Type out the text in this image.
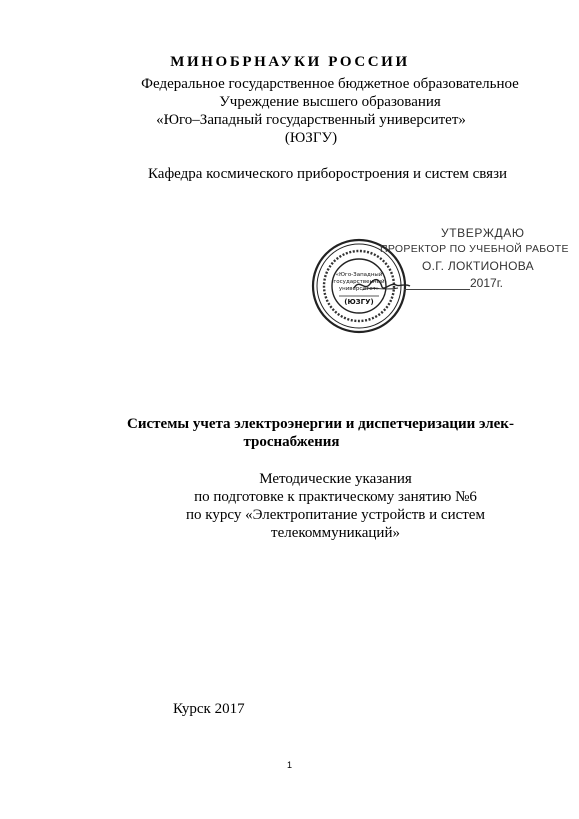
МИНОБРНАУКИ РОССИИ
Федеральное государственное бюджетное образовательное
Учреждение высшего образования
«Юго–Западный государственный университет»
(ЮЗГУ)
Кафедра космического приборостроения и систем связи
«Юго-Западный
государственный
университет»
(ЮЗГУ)
УТВЕРЖДАЮ
ПРОРЕКТОР ПО УЧЕБНОЙ РАБОТЕ
О.Г. ЛОКТИОНОВА
2017г.
Системы учета электроэнергии и диспетчеризации элек-
троснабжения
Методические указания
по подготовке к практическому занятию №6
по курсу «Электропитание устройств и систем
телекоммуникаций»
Курск 2017
1
